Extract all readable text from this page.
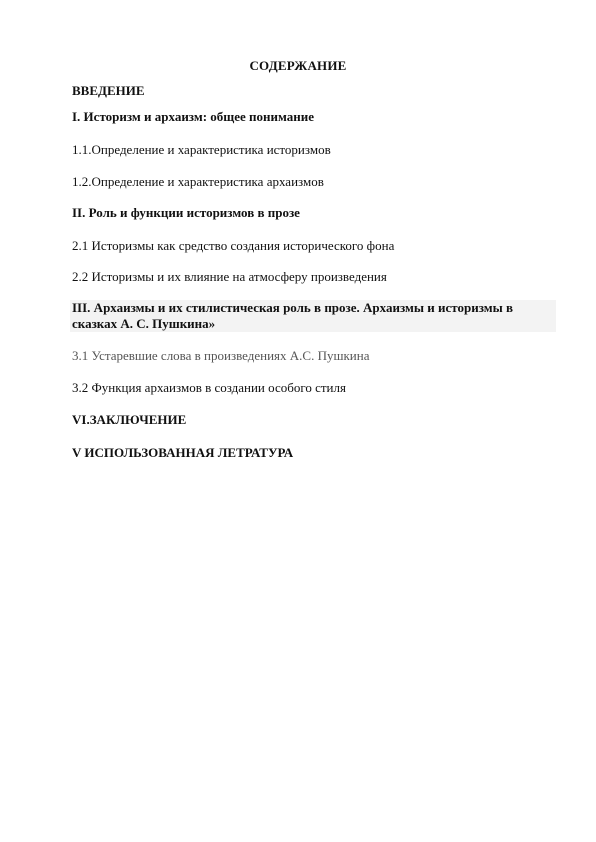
СОДЕРЖАНИЕ
ВВЕДЕНИЕ
I. Историзм и архаизм: общее понимание
1.1.Определение и характеристика историзмов
1.2.Определение и характеристика архаизмов
II. Роль и функции историзмов в прозе
2.1 Историзмы как средство создания исторического фона
2.2 Историзмы и их влияние на атмосферу произведения
III. Архаизмы и их стилистическая роль в прозе. Архаизмы и историзмы в сказках А. С. Пушкина»
3.1 Устаревшие слова в произведениях А.С. Пушкина
3.2 Функция архаизмов в создании особого стиля
VI.ЗАКЛЮЧЕНИЕ
V ИСПОЛЬЗОВАННАЯ ЛЕТРАТУРА
